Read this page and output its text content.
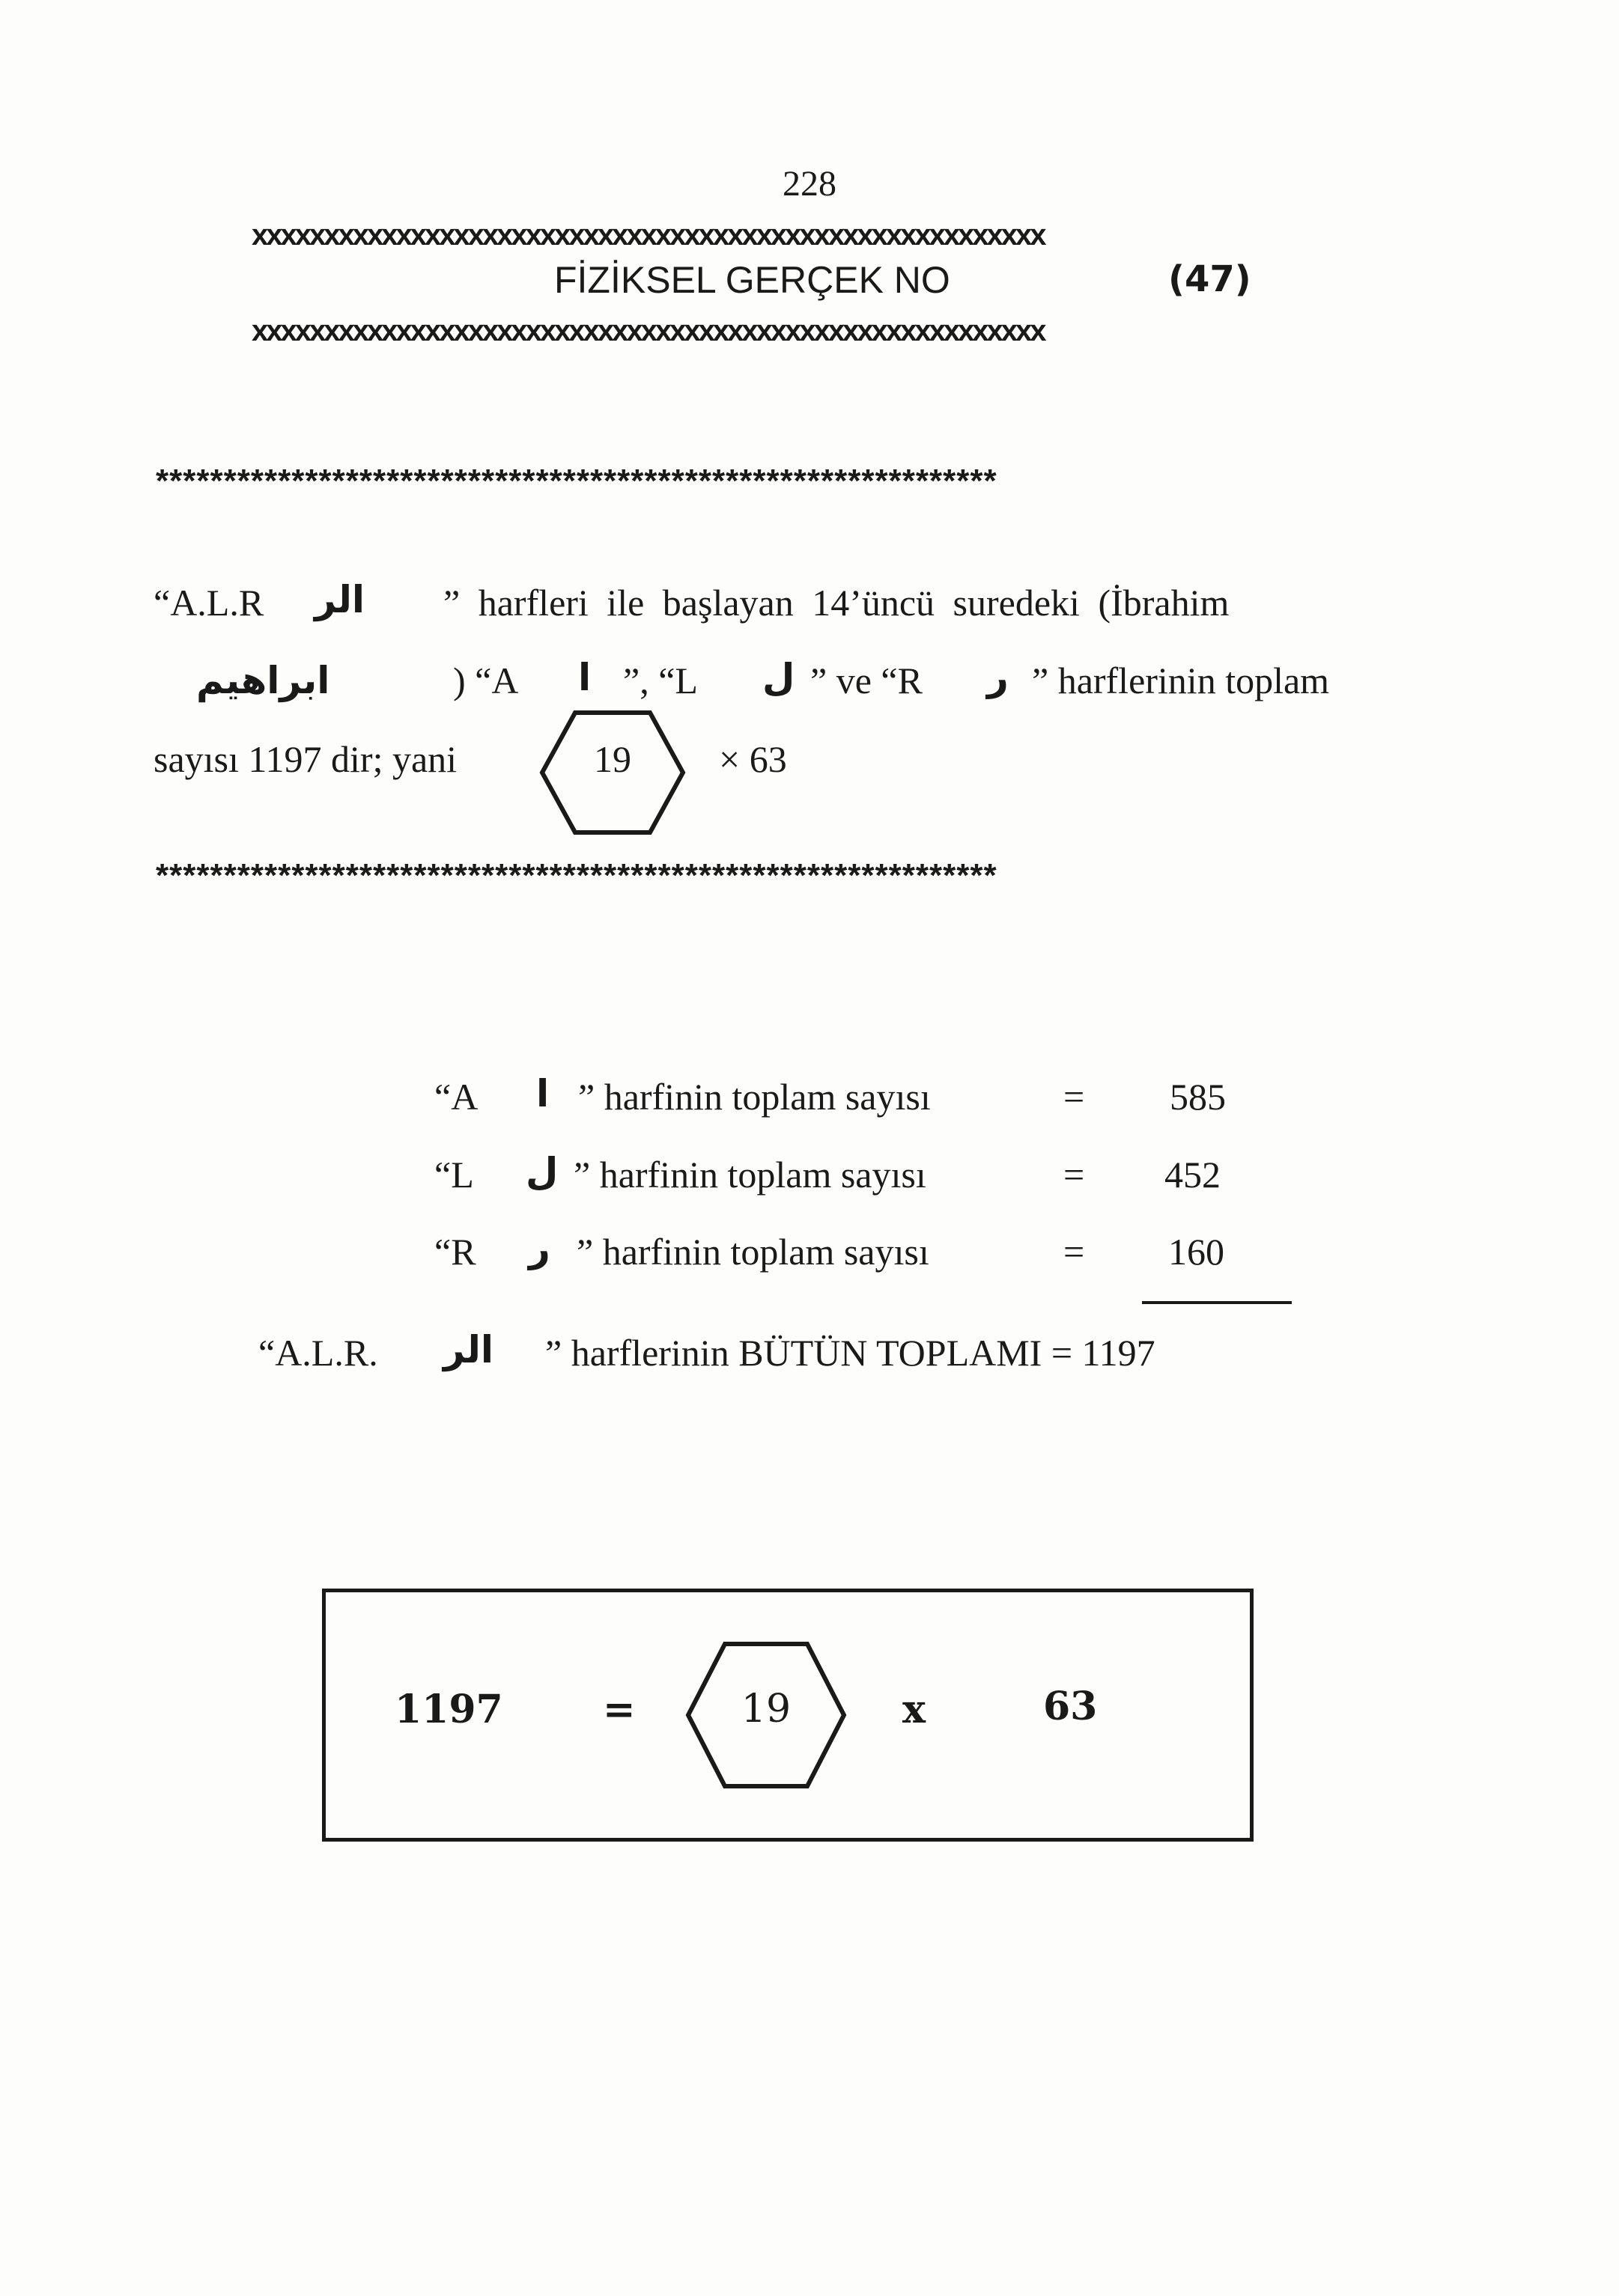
228
xxxxxxxxxxxxxxxxxxxxxxxxxxxxxxxxxxxxxxxxxxxxxxxxxxxxxxx
FİZİKSEL GERÇEK NO	(47)
xxxxxxxxxxxxxxxxxxxxxxxxxxxxxxxxxxxxxxxxxxxxxxxxxxxxxxx
**************************************************************
“A.L.R الر ” harfleri ile başlayan 14’üncü suredeki (İbrahim
ابراهيم	) “A ا ”, “L ل ” ve “R ر ” harflerinin toplam
sayısı 1197 dir; yani	19	× 63
**************************************************************
“A ا ” harfinin toplam sayısı	= 585
“L ل ” harfinin toplam sayısı	= 452
“R ر ” harfinin toplam sayısı	= 160
“A.L.R. الر ” harflerinin BÜTÜN TOPLAMI = 1197
1197	=	19	x	63
